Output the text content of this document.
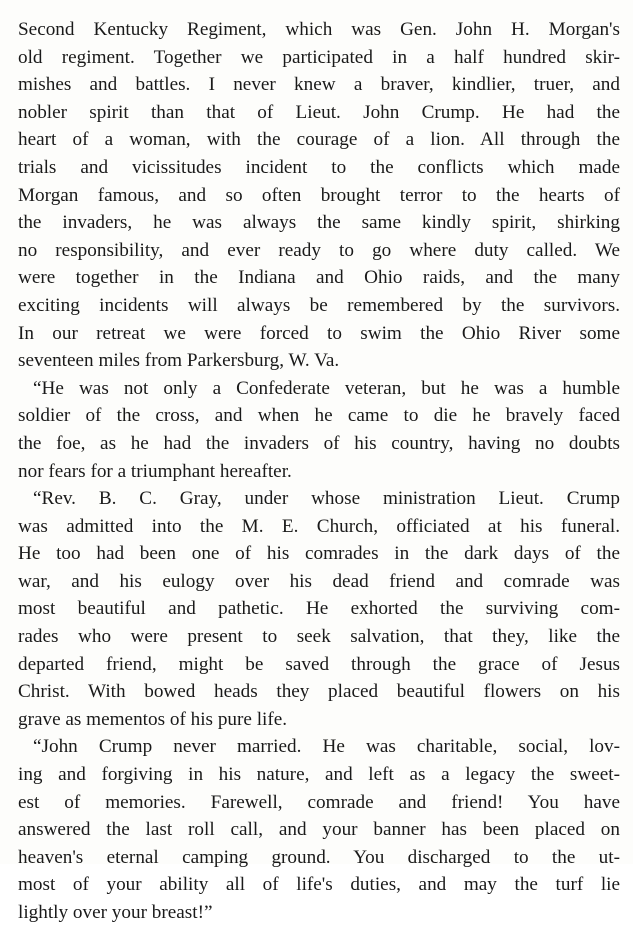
Second Kentucky Regiment, which was Gen. John H. Morgan's
old regiment. Together we participated in a half hundred skir-
mishes and battles. I never knew a braver, kindlier, truer, and
nobler spirit than that of Lieut. John Crump. He had the
heart of a woman, with the courage of a lion. All through the
trials and vicissitudes incident to the conflicts which made
Morgan famous, and so often brought terror to the hearts of
the invaders, he was always the same kindly spirit, shirking
no responsibility, and ever ready to go where duty called. We
were together in the Indiana and Ohio raids, and the many
exciting incidents will always be remembered by the survivors.
In our retreat we were forced to swim the Ohio River some
seventeen miles from Parkersburg, W. Va.
“He was not only a Confederate veteran, but he was a humble
soldier of the cross, and when he came to die he bravely faced
the foe, as he had the invaders of his country, having no doubts
nor fears for a triumphant hereafter.
“Rev. B. C. Gray, under whose ministration Lieut. Crump
was admitted into the M. E. Church, officiated at his funeral.
He too had been one of his comrades in the dark days of the
war, and his eulogy over his dead friend and comrade was
most beautiful and pathetic. He exhorted the surviving com-
rades who were present to seek salvation, that they, like the
departed friend, might be saved through the grace of Jesus
Christ. With bowed heads they placed beautiful flowers on his
grave as mementos of his pure life.
“John Crump never married. He was charitable, social, lov-
ing and forgiving in his nature, and left as a legacy the sweet-
est of memories. Farewell, comrade and friend! You have
answered the last roll call, and your banner has been placed on
heaven's eternal camping ground. You discharged to the ut-
most of your ability all of life's duties, and may the turf lie
lightly over your breast!”
